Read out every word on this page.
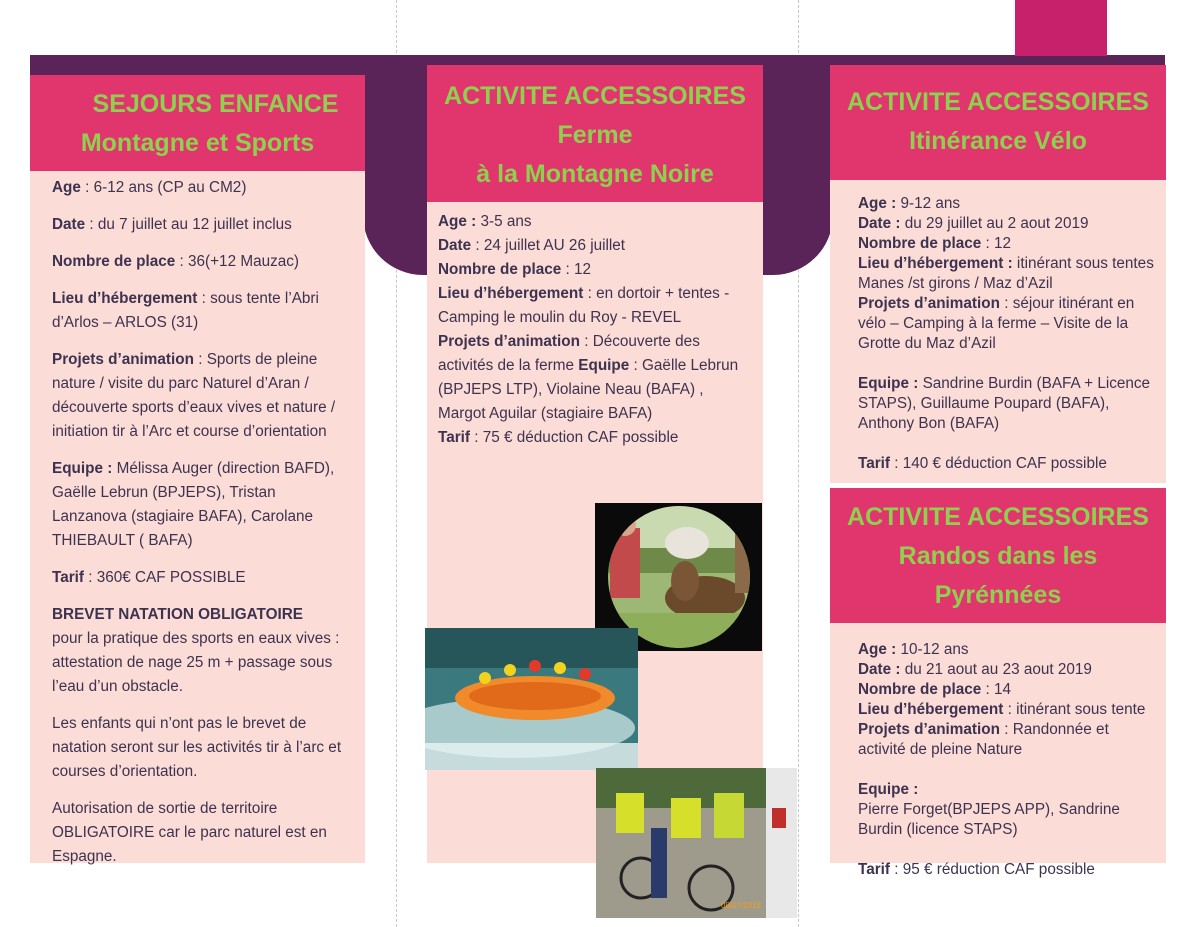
SEJOURS ENFANCE
Montagne et Sports
Age : 6-12 ans (CP au CM2)
Date : du 7 juillet au 12 juillet inclus
Nombre de place : 36(+12 Mauzac)
Lieu d’hébergement : sous tente l’Abri d’Arlos – ARLOS (31)
Projets d’animation : Sports de pleine nature / visite du parc Naturel d’Aran / découverte sports d’eaux vives et nature / initiation tir à l’Arc et course d’orientation
Equipe : Mélissa Auger (direction BAFD), Gaëlle Lebrun (BPJEPS), Tristan Lanzanova (stagiaire BAFA), Carolane THIEBAULT ( BAFA)
Tarif : 360€ CAF POSSIBLE
BREVET NATATION OBLIGATOIRE
pour la pratique des sports en eaux vives : attestation de nage 25 m + passage sous l’eau d’un obstacle.
Les enfants qui n’ont pas le brevet de natation seront sur les activités tir à l’arc et courses d’orientation.
Autorisation de sortie de territoire OBLIGATOIRE car le parc naturel est en Espagne.
ACTIVITE ACCESSOIRES
Ferme
à la Montagne Noire
Age : 3-5 ans
Date : 24 juillet AU 26 juillet
Nombre de place : 12
Lieu d’hébergement : en dortoir + tentes - Camping le moulin du Roy - REVEL
Projets d’animation : Découverte des activités de la ferme Equipe : Gaëlle Lebrun (BPJEPS LTP), Violaine Neau (BAFA) , Margot Aguilar (stagiaire BAFA)
Tarif : 75 € déduction CAF possible
08/07/2018
ACTIVITE ACCESSOIRES
Itinérance Vélo
Age : 9-12 ans
Date : du 29 juillet au 2 aout 2019
Nombre de place : 12
Lieu d’hébergement : itinérant sous tentes Manes /st girons / Maz d’Azil
Projets d’animation : séjour itinérant en vélo – Camping à la ferme – Visite de la Grotte du Maz d’Azil
Equipe : Sandrine Burdin (BAFA + Licence STAPS), Guillaume Poupard (BAFA), Anthony Bon (BAFA)
Tarif : 140 € déduction CAF possible
ACTIVITE ACCESSOIRES
Randos dans les
Pyrénnées
Age : 10-12 ans
Date : du 21 aout au 23 aout 2019
Nombre de place : 14
Lieu d’hébergement : itinérant sous tente
Projets d’animation : Randonnée et activité de pleine Nature
Equipe :
Pierre Forget(BPJEPS APP), Sandrine Burdin (licence STAPS)
Tarif : 95 € réduction CAF possible
